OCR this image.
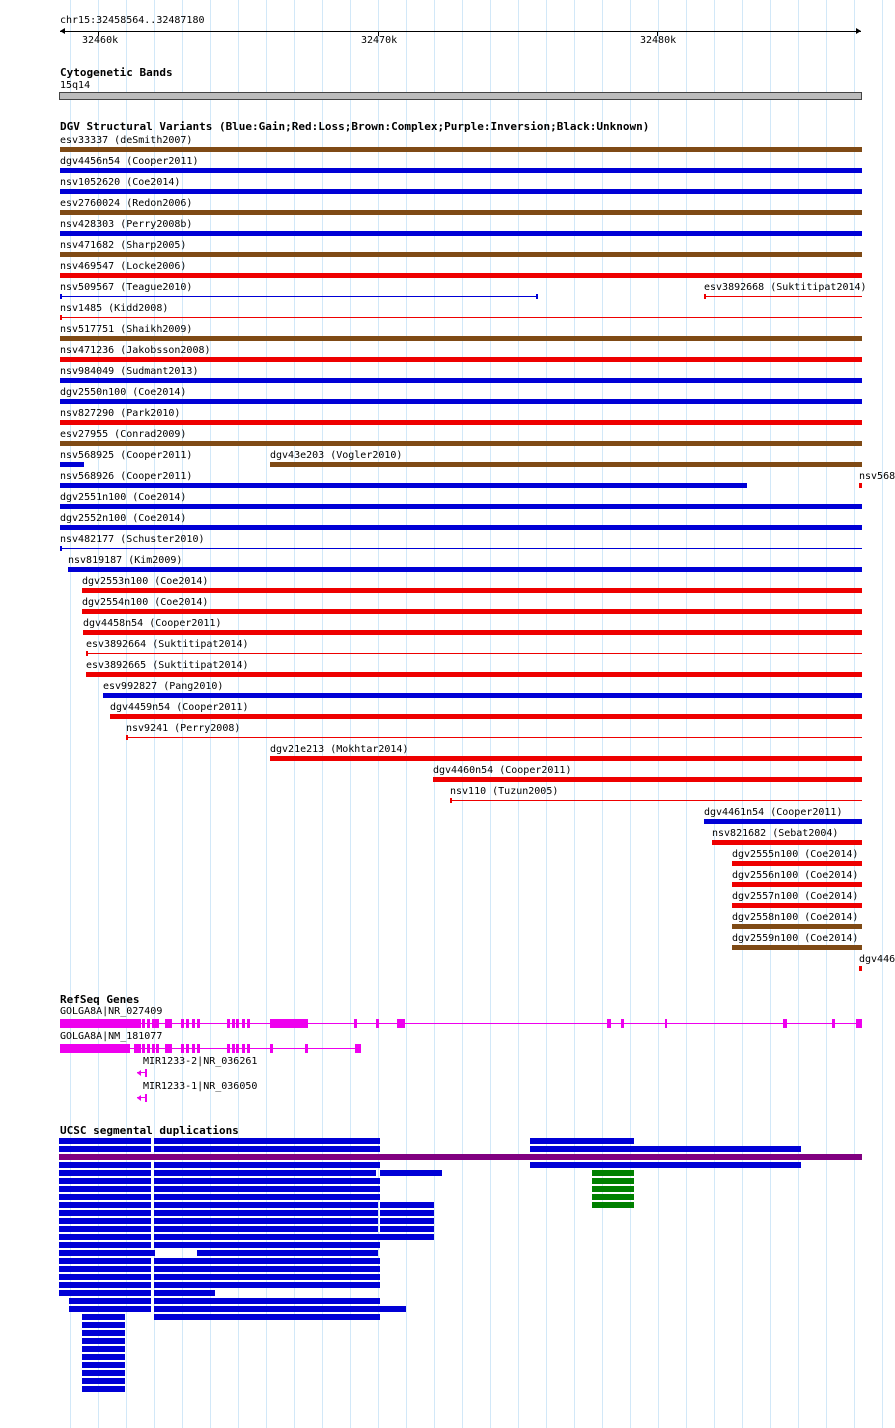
chr15:32458564..32487180
32460k	32470k	32480k
Cytogenetic Bands
15q14
DGV Structural Variants (Blue:Gain;Red:Loss;Brown:Complex;Purple:Inversion;Black:Unknown)
esv33337 (deSmith2007)
dgv4456n54 (Cooper2011)
nsv1052620 (Coe2014)
esv2760024 (Redon2006)
nsv428303 (Perry2008b)
nsv471682 (Sharp2005)
nsv469547 (Locke2006)
nsv509567 (Teague2010)	esv3892668 (Suktitipat2014)
nsv1485 (Kidd2008)
nsv517751 (Shaikh2009)
nsv471236 (Jakobsson2008)
nsv984049 (Sudmant2013)
dgv2550n100 (Coe2014)
nsv827290 (Park2010)
esv27955 (Conrad2009)
nsv568925 (Cooper2011)	dgv43e203 (Vogler2010)
nsv568926 (Cooper2011)	nsv568
dgv2551n100 (Coe2014)
dgv2552n100 (Coe2014)
nsv482177 (Schuster2010)
nsv819187 (Kim2009)
dgv2553n100 (Coe2014)
dgv2554n100 (Coe2014)
dgv4458n54 (Cooper2011)
esv3892664 (Suktitipat2014)
esv3892665 (Suktitipat2014)
esv992827 (Pang2010)
dgv4459n54 (Cooper2011)
nsv9241 (Perry2008)
dgv21e213 (Mokhtar2014)
dgv4460n54 (Cooper2011)
nsv110 (Tuzun2005)
dgv4461n54 (Cooper2011)
nsv821682 (Sebat2004)
dgv2555n100 (Coe2014)
dgv2556n100 (Coe2014)
dgv2557n100 (Coe2014)
dgv2558n100 (Coe2014)
dgv2559n100 (Coe2014)
dgv446
RefSeq Genes
GOLGA8A|NR_027409
GOLGA8A|NM_181077
MIR1233-2|NR_036261
MIR1233-1|NR_036050
UCSC segmental duplications
